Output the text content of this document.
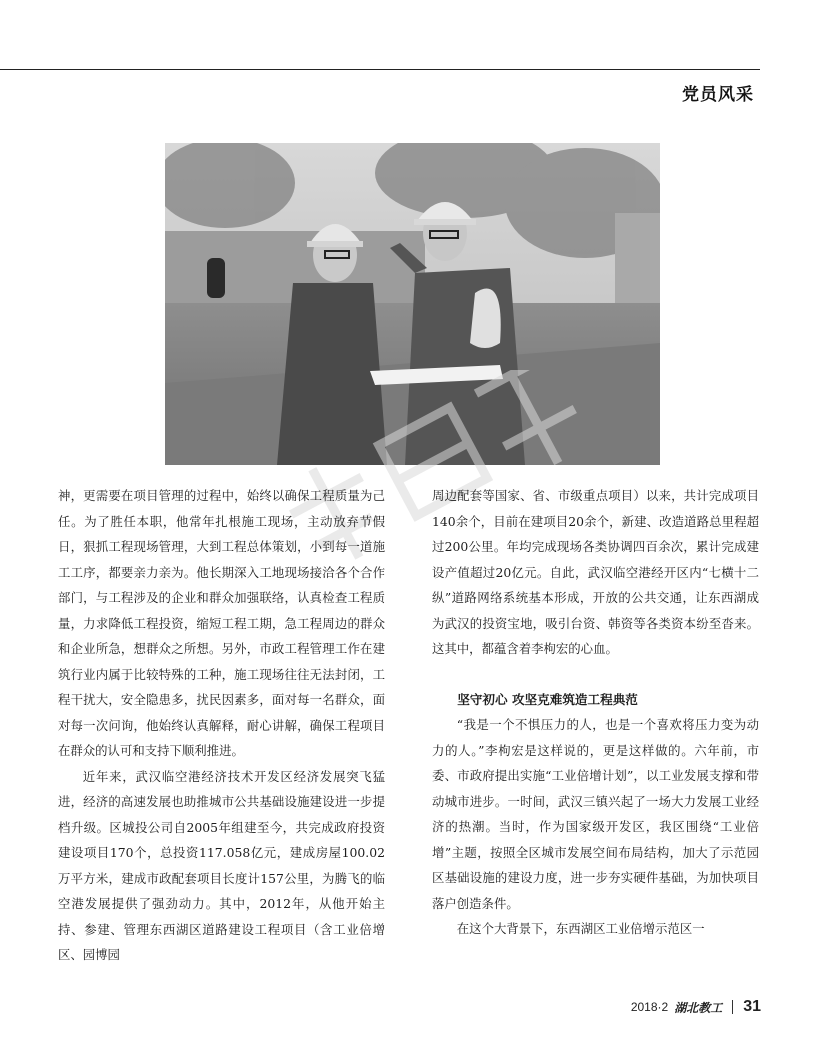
党员风采

神，更需要在项目管理的过程中，始终以确保工程质量为己任。为了胜任本职，他常年扎根施工现场，主动放弃节假日，狠抓工程现场管理，大到工程总体策划，小到每一道施工工序，都要亲力亲为。他长期深入工地现场接洽各个合作部门，与工程涉及的企业和群众加强联络，认真检查工程质量，力求降低工程投资，缩短工程工期，急工程周边的群众和企业所急，想群众之所想。另外，市政工程管理工作在建筑行业内属于比较特殊的工种，施工现场往往无法封闭，工程干扰大，安全隐患多，扰民因素多，面对每一名群众，面对每一次问询，他始终认真解释，耐心讲解，确保工程项目在群众的认可和支持下顺利推进。

近年来，武汉临空港经济技术开发区经济发展突飞猛进，经济的高速发展也助推城市公共基础设施建设进一步提档升级。区城投公司自2005年组建至今，共完成政府投资建设项目170个，总投资117.058亿元，建成房屋100.02万平方米，建成市政配套项目长度计157公里，为腾飞的临空港发展提供了强劲动力。其中，2012年，从他开始主持、参建、管理东西湖区道路建设工程项目（含工业倍增区、园博园

周边配套等国家、省、市级重点项目）以来，共计完成项目140余个，目前在建项目20余个，新建、改造道路总里程超过200公里。年均完成现场各类协调四百余次，累计完成建设产值超过20亿元。自此，武汉临空港经开区内“七横十二纵”道路网络系统基本形成，开放的公共交通，让东西湖成为武汉的投资宝地，吸引台资、韩资等各类资本纷至沓来。这其中，都蕴含着李枸宏的心血。

坚守初心 攻坚克难筑造工程典范

“我是一个不惧压力的人，也是一个喜欢将压力变为动力的人。”李枸宏是这样说的，更是这样做的。六年前，市委、市政府提出实施“工业倍增计划”，以工业发展支撑和带动城市进步。一时间，武汉三镇兴起了一场大力发展工业经济的热潮。当时，作为国家级开发区，我区围绕“工业倍增”主题，按照全区城市发展空间布局结构，加大了示范园区基础设施的建设力度，进一步夯实硬件基础，为加快项目落户创造条件。

在这个大背景下，东西湖区工业倍增示范区一

2018·2 湖北教工 31
